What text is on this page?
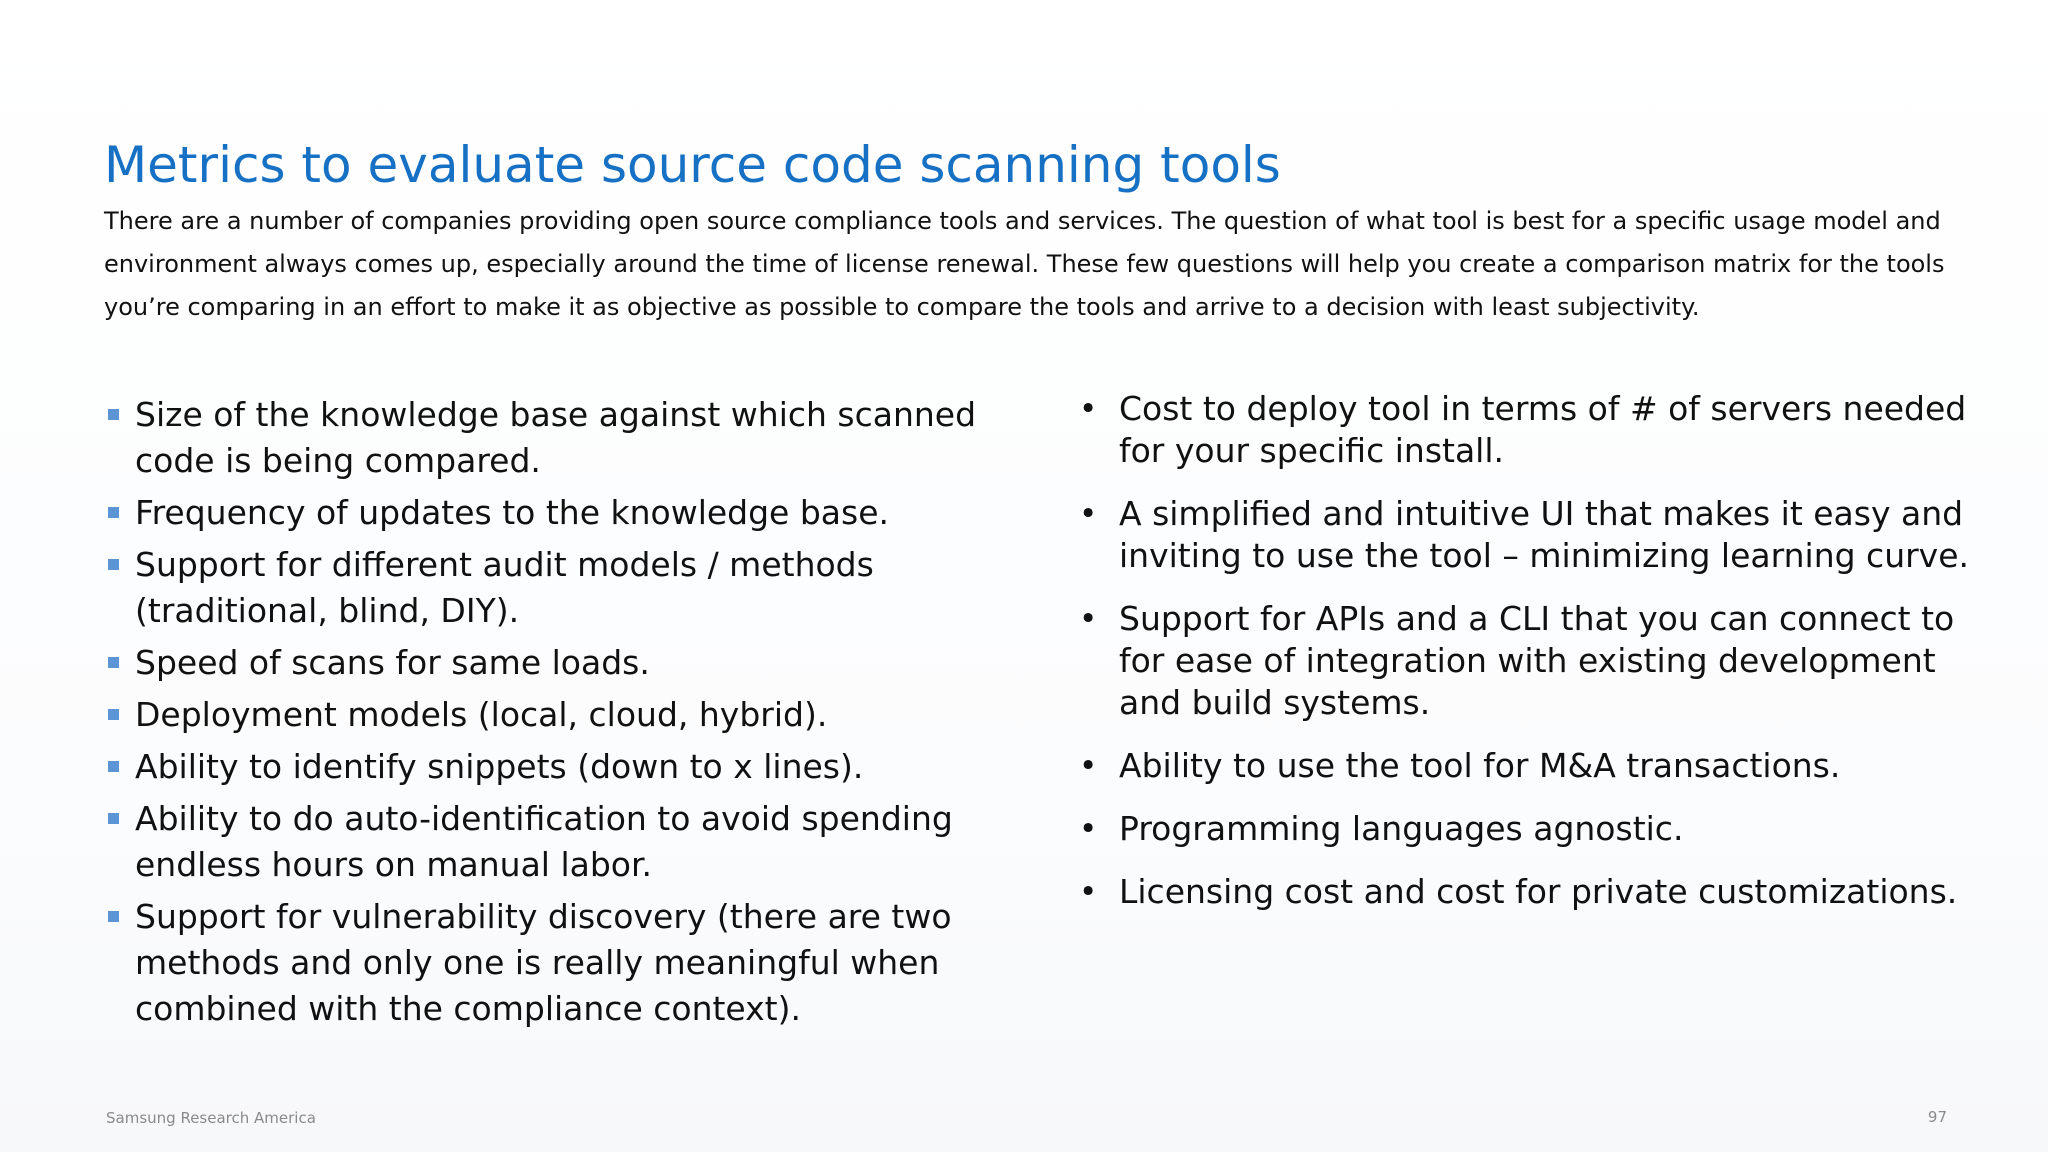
Metrics to evaluate source code scanning tools
There are a number of companies providing open source compliance tools and services. The question of what tool is best for a specific usage model and environment always comes up, especially around the time of license renewal. These few questions will help you create a comparison matrix for the tools you’re comparing in an effort to make it as objective as possible to compare the tools and arrive to a decision with least subjectivity.
Size of the knowledge base against which scanned code is being compared.
Frequency of updates to the knowledge base.
Support for different audit models / methods (traditional, blind, DIY).
Speed of scans for same loads.
Deployment models (local, cloud, hybrid).
Ability to identify snippets (down to x lines).
Ability to do auto-identification to avoid spending endless hours on manual labor.
Support for vulnerability discovery (there are two methods and only one is really meaningful when combined with the compliance context).
• Cost to deploy tool in terms of # of servers needed for your specific install.
• A simplified and intuitive UI that makes it easy and inviting to use the tool – minimizing learning curve.
• Support for APIs and a CLI that you can connect to for ease of integration with existing development and build systems.
• Ability to use the tool for M&A transactions.
• Programming languages agnostic.
• Licensing cost and cost for private customizations.
Samsung Research America	97
